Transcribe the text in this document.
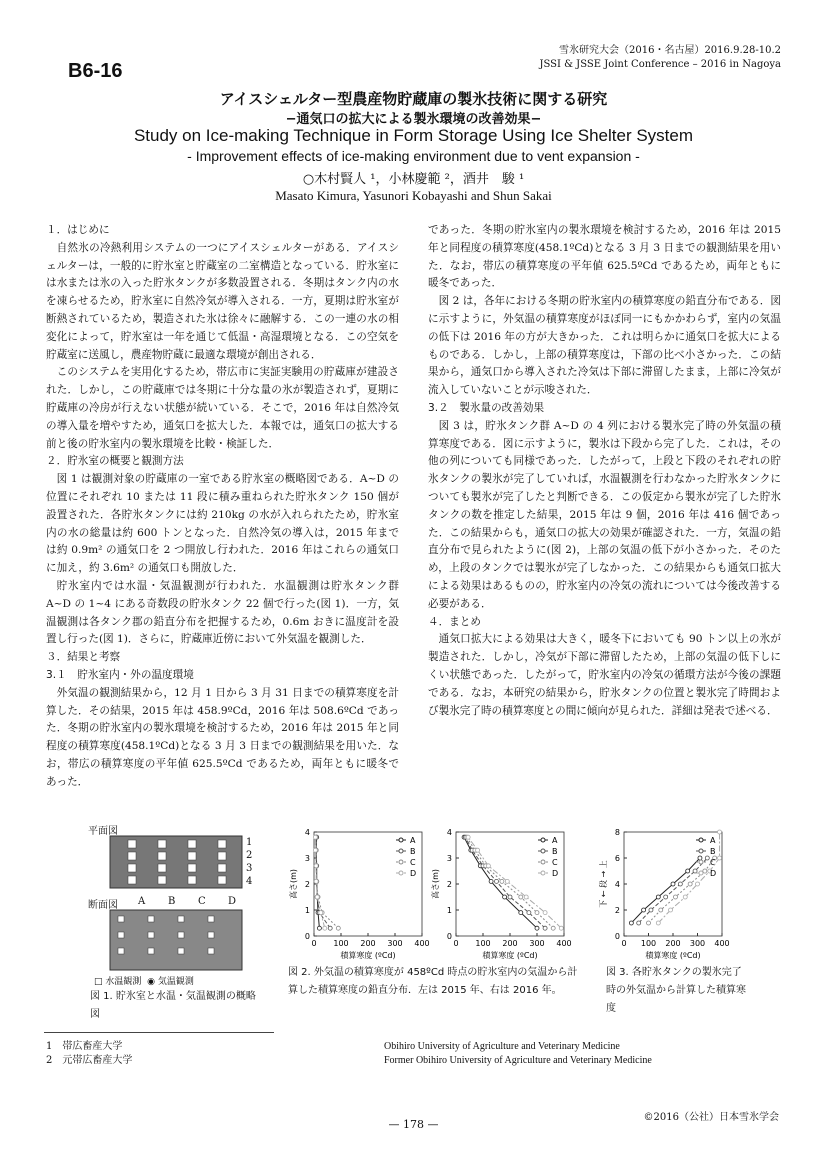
B6-16
雪氷研究大会（2016・名古屋）2016.9.28-10.2
JSSI & JSSE Joint Conference – 2016 in Nagoya
アイスシェルター型農産物貯蔵庫の製氷技術に関する研究
−通気口の拡大による製氷環境の改善効果−
Study on Ice-making Technique in Form Storage Using Ice Shelter System
- Improvement effects of ice-making environment due to vent expansion -
○木村賢人 ¹，小林慶範 ²，酒井　駿 ¹
Masato Kimura, Yasunori Kobayashi and Shun Sakai
１．はじめに

自然氷の冷熱利用システムの一つにアイスシェルターがある．アイスシェルターは，一般的に貯氷室と貯蔵室の二室構造となっている．貯氷室には水または氷の入った貯氷タンクが多数設置される．冬期はタンク内の水を凍らせるため，貯氷室に自然冷気が導入される．一方，夏期は貯氷室が断熱されているため，製造された氷は徐々に融解する．この一連の水の相変化によって，貯氷室は一年を通じて低温・高湿環境となる．この空気を貯蔵室に送風し，農産物貯蔵に最適な環境が創出される．

このシステムを実用化するため，帯広市に実証実験用の貯蔵庫が建設された．しかし，この貯蔵庫では冬期に十分な量の氷が製造されず，夏期に貯蔵庫の冷房が行えない状態が続いている．そこで，2016 年は自然冷気の導入量を増やすため，通気口を拡大した．本報では，通気口の拡大する前と後の貯氷室内の製氷環境を比較・検証した．

２．貯氷室の概要と観測方法

図 1 は観測対象の貯蔵庫の一室である貯氷室の概略図である．A~D の位置にそれぞれ 10 または 11 段に積み重ねられた貯氷タンク 150 個が設置された．各貯氷タンクには約 210kg の水が入れられたため，貯氷室内の水の総量は約 600 トンとなった．自然冷気の導入は，2015 年までは約 0.9m² の通気口を 2 つ開放し行われた．2016 年はこれらの通気口に加え，約 3.6m² の通気口も開放した．

貯氷室内では水温・気温観測が行われた．水温観測は貯氷タンク群 A~D の 1~4 にある奇数段の貯氷タンク 22 個で行った(図 1)．一方，気温観測は各タンク郡の鉛直分布を把握するため，0.6m おきに温度計を設置し行った(図 1)．さらに，貯蔵庫近傍において外気温を観測した．

３．結果と考察
3.１　貯氷室内・外の温度環境

外気温の観測結果から，12 月 1 日から 3 月 31 日までの積算寒度を計算した．その結果，2015 年は 458.9ºCd，2016 年は 508.6ºCd であった．冬期の貯氷室内の製氷環境を検討するため，2016 年は 2015 年と同程度の積算寒度(458.1ºCd)となる 3 月 3 日までの観測結果を用いた．なお，帯広の積算寒度の平年値 625.5ºCd であるため，両年ともに暖冬であった．

であった．冬期の貯氷室内の製氷環境を検討するため，2016 年は 2015 年と同程度の積算寒度(458.1ºCd)となる 3 月 3 日までの観測結果を用いた．なお，帯広の積算寒度の平年値 625.5ºCd であるため，両年ともに暖冬であった．

図 2 は，各年における冬期の貯氷室内の積算寒度の鉛直分布である．図に示すように，外気温の積算寒度がほぼ同一にもかかわらず，室内の気温の低下は 2016 年の方が大きかった．これは明らかに通気口を拡大によるものである．しかし，上部の積算寒度は，下部の比べ小さかった．この結果から，通気口から導入された冷気は下部に滞留したまま，上部に冷気が流入していないことが示唆された．

3.２　製氷量の改善効果

図 3 は，貯氷タンク群 A~D の 4 列における製氷完了時の外気温の積算寒度である．図に示すように，製氷は下段から完了した．これは，その他の列についても同様であった．したがって，上段と下段のそれぞれの貯氷タンクの製氷が完了していれば，水温観測を行わなかった貯氷タンクについても製氷が完了したと判断できる．この仮定から製氷が完了した貯氷タンクの数を推定した結果，2015 年は 9 個，2016 年は 416 個であった．この結果からも，通気口の拡大の効果が確認された．一方，気温の鉛直分布で見られたように(図 2)，上部の気温の低下が小さかった．そのため，上段のタンクでは製氷が完了しなかった．この結果からも通気口拡大による効果はあるものの，貯氷室内の冷気の流れについては今後改善する必要がある．

４．まとめ

通気口拡大による効果は大きく，暖冬下においても 90 トン以上の氷が製造された．しかし，冷気が下部に滞留したため，上部の気温の低下しにくい状態であった．したがって，貯氷室内の冷気の循環方法が今後の課題である．なお，本研究の結果から，貯氷タンクの位置と製氷完了時間および製氷完了時の積算寒度との間に傾向が見られた．詳細は発表で述べる．

平面図
断面図
1
2
3
4
A B C D
□ 水温観測 ◉ 気温観測
図 1. 貯氷室と水温・気温観測の概略図
0 100 200 300 400
0
1
2
3
4
積算寒度 (ºCd)
高さ(m)
A
B
C
D
0 100 200 300 400
0
1
2
3
4
積算寒度 (ºCd)
高さ(m)
A
B
C
D
0 100 200 300 400
0
2
4
6
8
積算寒度 (ºCd)
下 ← 段 → 上
A
B
C
D
図 2. 外気温の積算寒度が 458ºCd 時点の貯氷室内の気温から計算した積算寒度の鉛直分布．左は 2015 年、右は 2016 年。
図 3. 各貯氷タンクの製氷完了時の外気温から計算した積算寒度
1　帯広畜産大学
2　元帯広畜産大学
Obihiro University of Agriculture and Veterinary Medicine
Former Obihiro University of Agriculture and Veterinary Medicine
©2016（公社）日本雪氷学会
— 178 —
